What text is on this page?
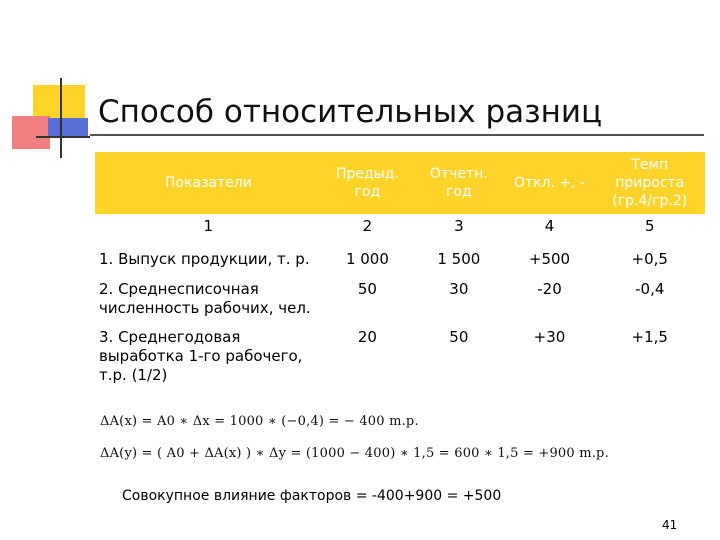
Способ относительных разниц
Показатели	Предыд. год	Отчетн. год	Откл. +, -	Темп прироста (гр.4/гр.2)
1	2	3	4	5
1. Выпуск продукции, т. р.	1 000	1 500	+500	+0,5
2. Среднесписочная численность рабочих, чел.	50	30	-20	-0,4
3. Среднегодовая выработка 1-го рабочего, т.р. (1/2)	20	50	+30	+1,5
ΔA(x) = A0 ∗ Δx = 1000 ∗ (−0,4) = − 400 m.p.
ΔA(y) = ( A0 + ΔA(x) ) ∗ Δy = (1000 − 400) ∗ 1,5 = 600 ∗ 1,5 = +900 m.p.
Совокупное влияние факторов = -400+900 = +500
41
